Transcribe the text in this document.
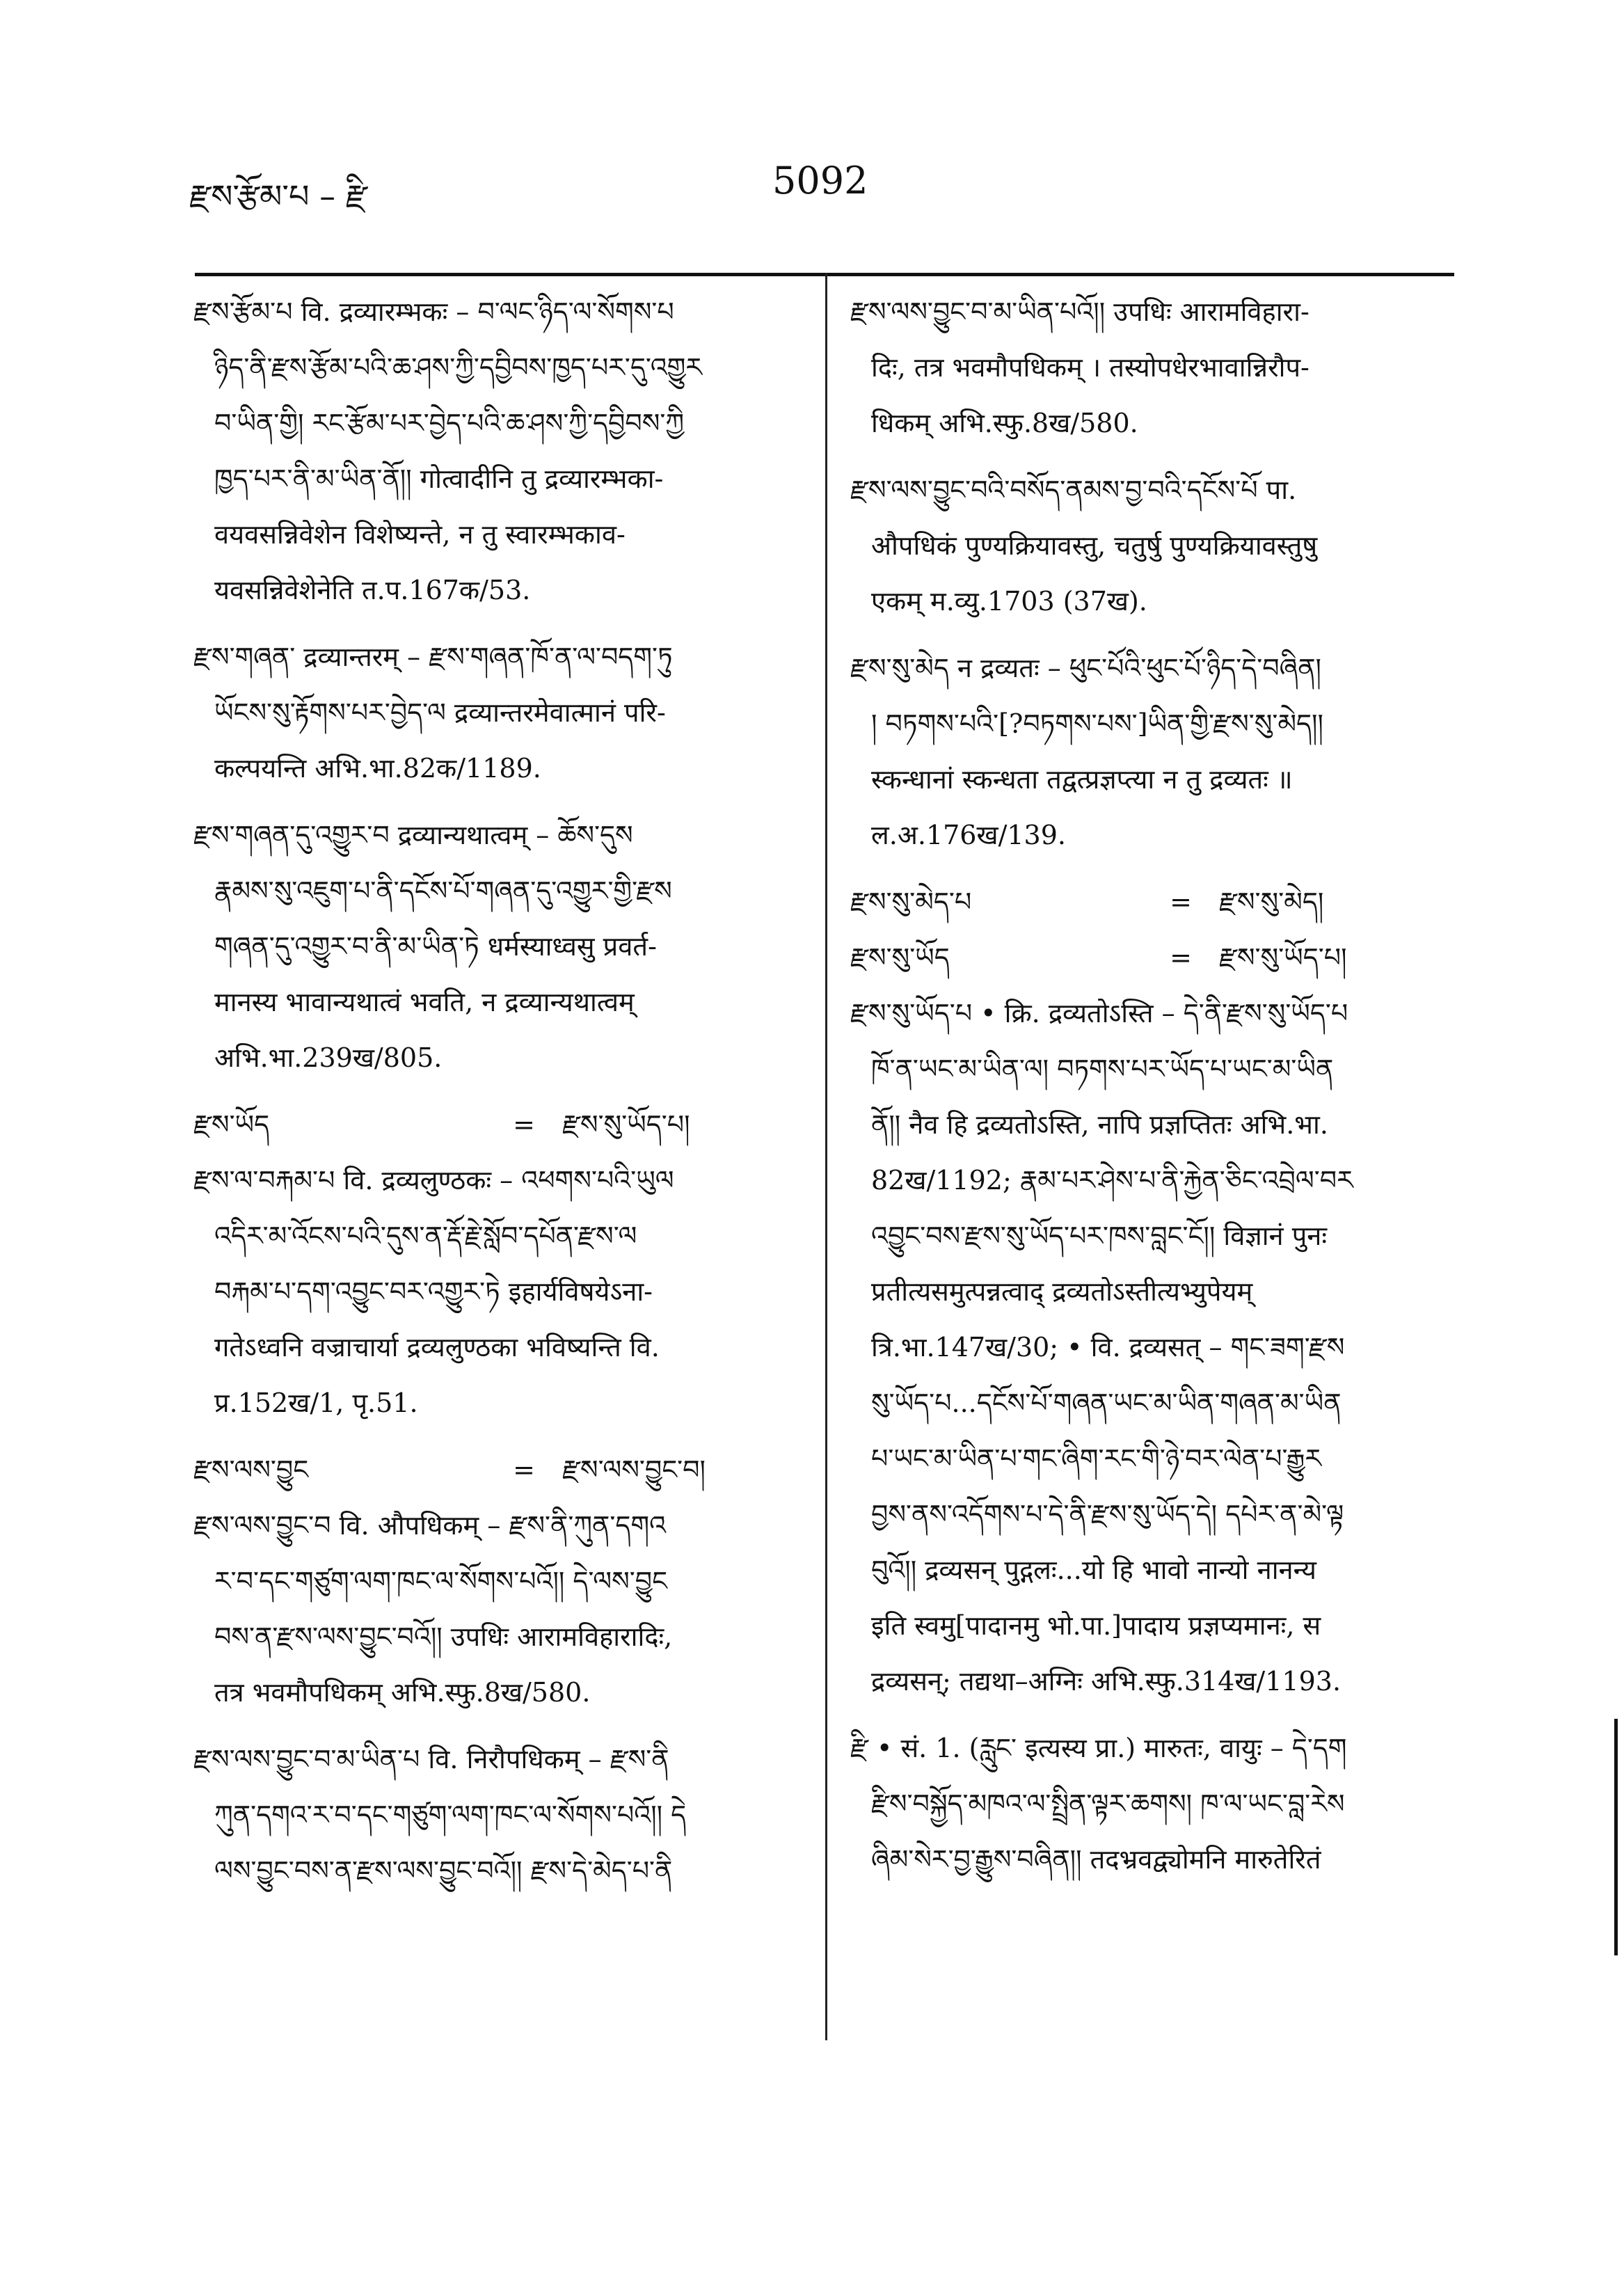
རྫས་རྩོམ་པ – རྫི	5092
རྫས་རྩོམ་པ वि. द्रव्यारम्भकः – བ་ལང་ཉིད་ལ་སོགས་པ
ཉིད་ནི་རྫས་རྩོམ་པའི་ཆ་ཤས་ཀྱི་དབྱིབས་ཁྱད་པར་དུ་འགྱུར
བ་ཡིན་གྱི། རང་རྩོམ་པར་བྱེད་པའི་ཆ་ཤས་ཀྱི་དབྱིབས་ཀྱི
ཁྱད་པར་ནི་མ་ཡིན་ནོ།། गोत्वादीनि तु द्रव्यारम्भका-
वयवसन्निवेशेन विशेष्यन्ते, न तु स्वारम्भकाव-
यवसन्निवेशेनेति त.प.167क/53.
རྫས་གཞན་ द्रव्यान्तरम् – རྫས་གཞན་ཁོ་ན་ལ་བདག་ཏུ
ཡོངས་སུ་རྟོགས་པར་བྱེད་ལ द्रव्यान्तरमेवात्मानं परि-
कल्पयन्ति अभि.भा.82क/1189.
རྫས་གཞན་དུ་འགྱུར་བ द्रव्यान्यथात्वम् – ཆོས་དུས
རྣམས་སུ་འཇུག་པ་ནི་དངོས་པོ་གཞན་དུ་འགྱུར་གྱི་རྫས
གཞན་དུ་འགྱུར་བ་ནི་མ་ཡིན་ཏེ धर्मस्याध्वसु प्रवर्त-
मानस्य भावान्यथात्वं भवति, न द्रव्यान्यथात्वम्
अभि.भा.239ख/805.
རྫས་ཡོད	=	རྫས་སུ་ཡོད་པ།
རྫས་ལ་བརྐམ་པ वि. द्रव्यलुण्ठकः – འཕགས་པའི་ཡུལ
འདིར་མ་འོངས་པའི་དུས་ན་རྡོ་རྗེ་སློབ་དཔོན་རྫས་ལ
བརྐམ་པ་དག་འབྱུང་བར་འགྱུར་ཏེ इहार्यविषयेऽना-
गतेऽध्वनि वज्राचार्या द्रव्यलुण्ठका भविष्यन्ति वि.
प्र.152ख/1, पृ.51.
རྫས་ལས་བྱུང	=	རྫས་ལས་བྱུང་བ།
རྫས་ལས་བྱུང་བ वि. औपधिकम् – རྫས་ནི་ཀུན་དགའ
ར་བ་དང་གཙུག་ལག་ཁང་ལ་སོགས་པའོ།། དེ་ལས་བྱུང
བས་ན་རྫས་ལས་བྱུང་བའོ།། उपधिः आरामविहारादिः,
तत्र भवमौपधिकम् अभि.स्फु.8ख/580.
རྫས་ལས་བྱུང་བ་མ་ཡིན་པ वि. निरौपधिकम् – རྫས་ནི
ཀུན་དགའ་ར་བ་དང་གཙུག་ལག་ཁང་ལ་སོགས་པའོ།། དེ
ལས་བྱུང་བས་ན་རྫས་ལས་བྱུང་བའོ།། རྫས་དེ་མེད་པ་ནི
རྫས་ལས་བྱུང་བ་མ་ཡིན་པའོ།། उपधिः आरामविहारा-
दिः, तत्र भवमौपधिकम् । तस्योपधेरभावान्निरौप-
धिकम् अभि.स्फु.8ख/580.
རྫས་ལས་བྱུང་བའི་བསོད་ནམས་བྱ་བའི་དངོས་པོ पा.
औपधिकं पुण्यक्रियावस्तु, चतुर्षु पुण्यक्रियावस्तुषु
एकम् म.व्यु.1703 (37ख).
རྫས་སུ་མེད न द्रव्यतः – ཕུང་པོའི་ཕུང་པོ་ཉིད་དེ་བཞིན།
། བཏགས་པའི་[?བཏགས་པས་]ཡིན་གྱི་རྫས་སུ་མེད།།
स्कन्धानां स्कन्धता तद्वत्प्रज्ञप्त्या न तु द्रव्यतः ॥
ल.अ.176ख/139.
རྫས་སུ་མེད་པ	=	རྫས་སུ་མེད།
རྫས་སུ་ཡོད	=	རྫས་སུ་ཡོད་པ།
རྫས་སུ་ཡོད་པ • क्रि. द्रव्यतोऽस्ति – དེ་ནི་རྫས་སུ་ཡོད་པ
ཁོ་ན་ཡང་མ་ཡིན་ལ། བཏགས་པར་ཡོད་པ་ཡང་མ་ཡིན
ནོ།། नैव हि द्रव्यतोऽस्ति, नापि प्रज्ञप्तितः अभि.भा.
82ख/1192; རྣམ་པར་ཤེས་པ་ནི་རྐྱེན་ཅིང་འབྲེལ་བར
འབྱུང་བས་རྫས་སུ་ཡོད་པར་ཁས་བླང་ངོ།། विज्ञानं पुनः
प्रतीत्यसमुत्पन्नत्वाद् द्रव्यतोऽस्तीत्यभ्युपेयम्
त्रि.भा.147ख/30; • वि. द्रव्यसत् – གང་ཟག་རྫས
སུ་ཡོད་པ...དངོས་པོ་གཞན་ཡང་མ་ཡིན་གཞན་མ་ཡིན
པ་ཡང་མ་ཡིན་པ་གང་ཞིག་རང་གི་ཉེ་བར་ལེན་པ་རྒྱུར
བྱས་ནས་འདོགས་པ་དེ་ནི་རྫས་སུ་ཡོད་དེ། དཔེར་ན་མེ་ལྟ
བུའོ།། द्रव्यसन् पुद्गलः...यो हि भावो नान्यो नानन्य
इति स्वमु[पादानमु भो.पा.]पादाय प्रज्ञप्यमानः, स
द्रव्यसन्; तद्यथा–अग्निः अभि.स्फु.314ख/1193.
རྫི • सं. 1. (རླུང་ इत्यस्य प्रा.) मारुतः, वायुः – དེ་དག
རྫིས་བསྐྱོད་མཁའ་ལ་སྤྲིན་ལྟར་ཆགས། ཁ་ལ་ཡང་བླ་རེས
ཞིམ་སེར་བྱ་རྒྱུས་བཞིན།། तदभ्रवद्व्योमनि मारुतेरितं
